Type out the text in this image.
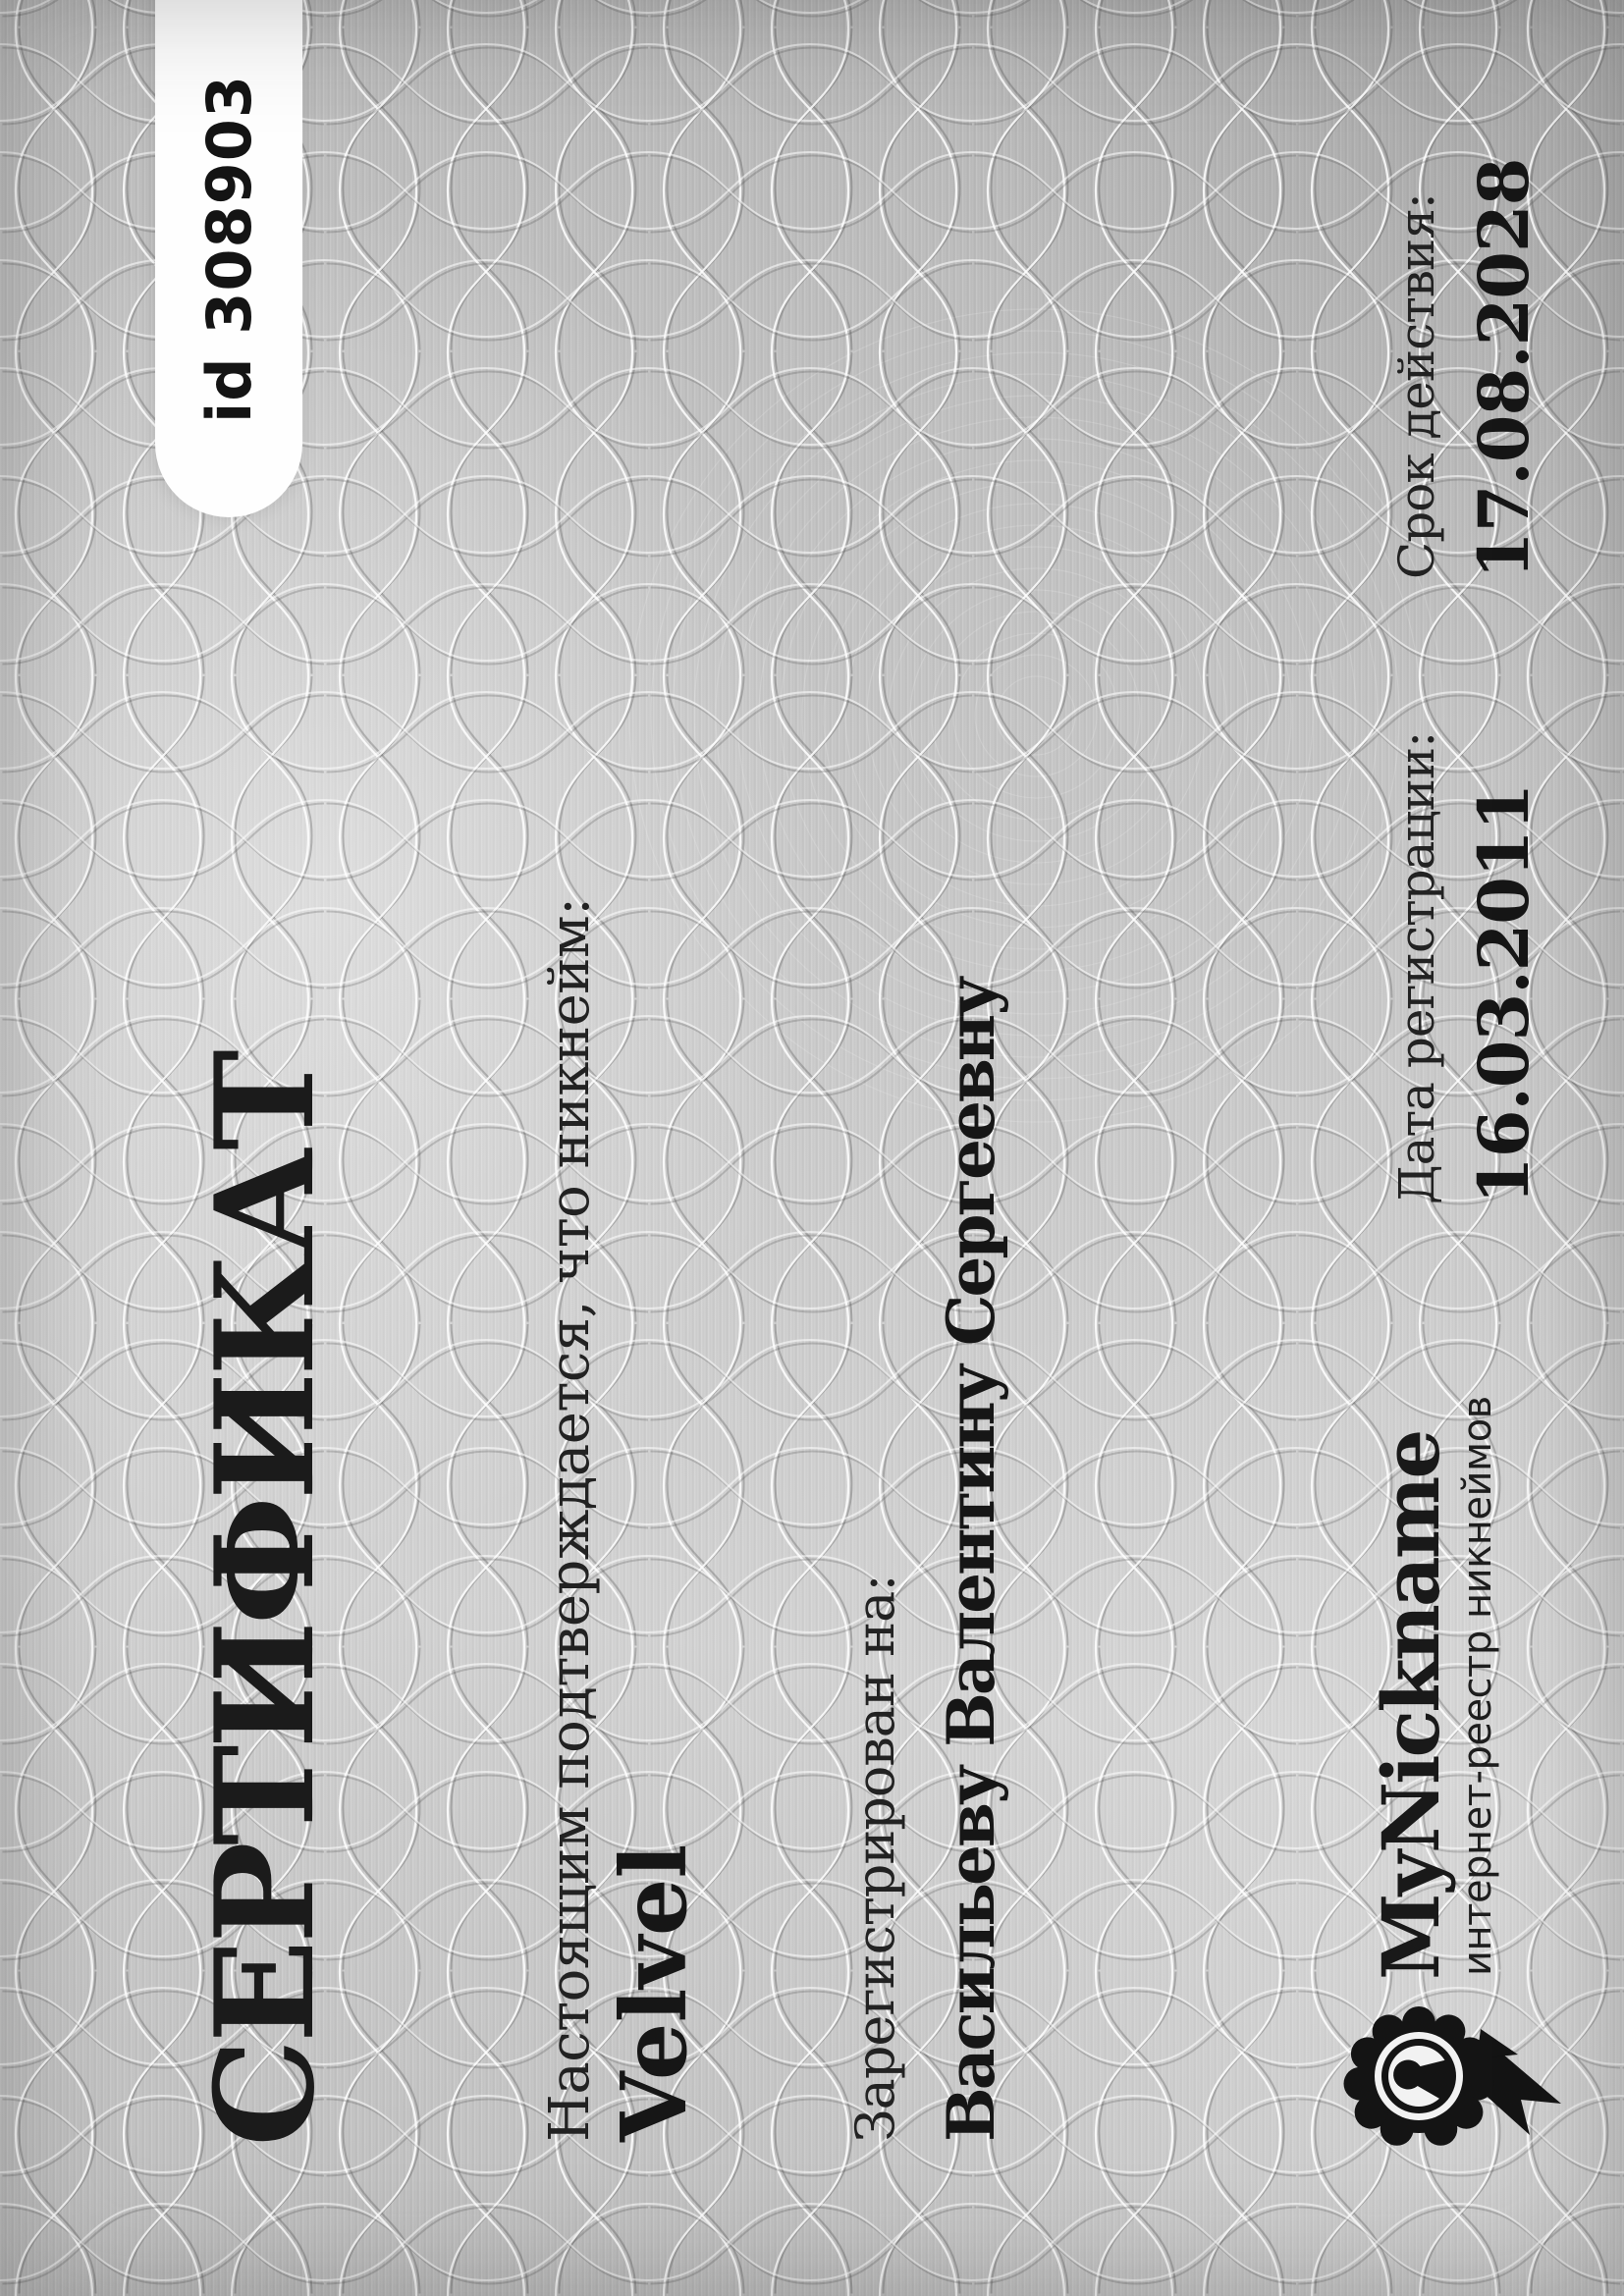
id 308903
СЕРТИФИКАТ	Настоящим подтверждается, что никнейм: Velvel	Зарегистрирован на: Васильеву Валентину Сергеевну	MyNickname
интернет-реестр никнеймов
Дата регистрации: 16.03.2011
Срок действия: 17.08.2028
